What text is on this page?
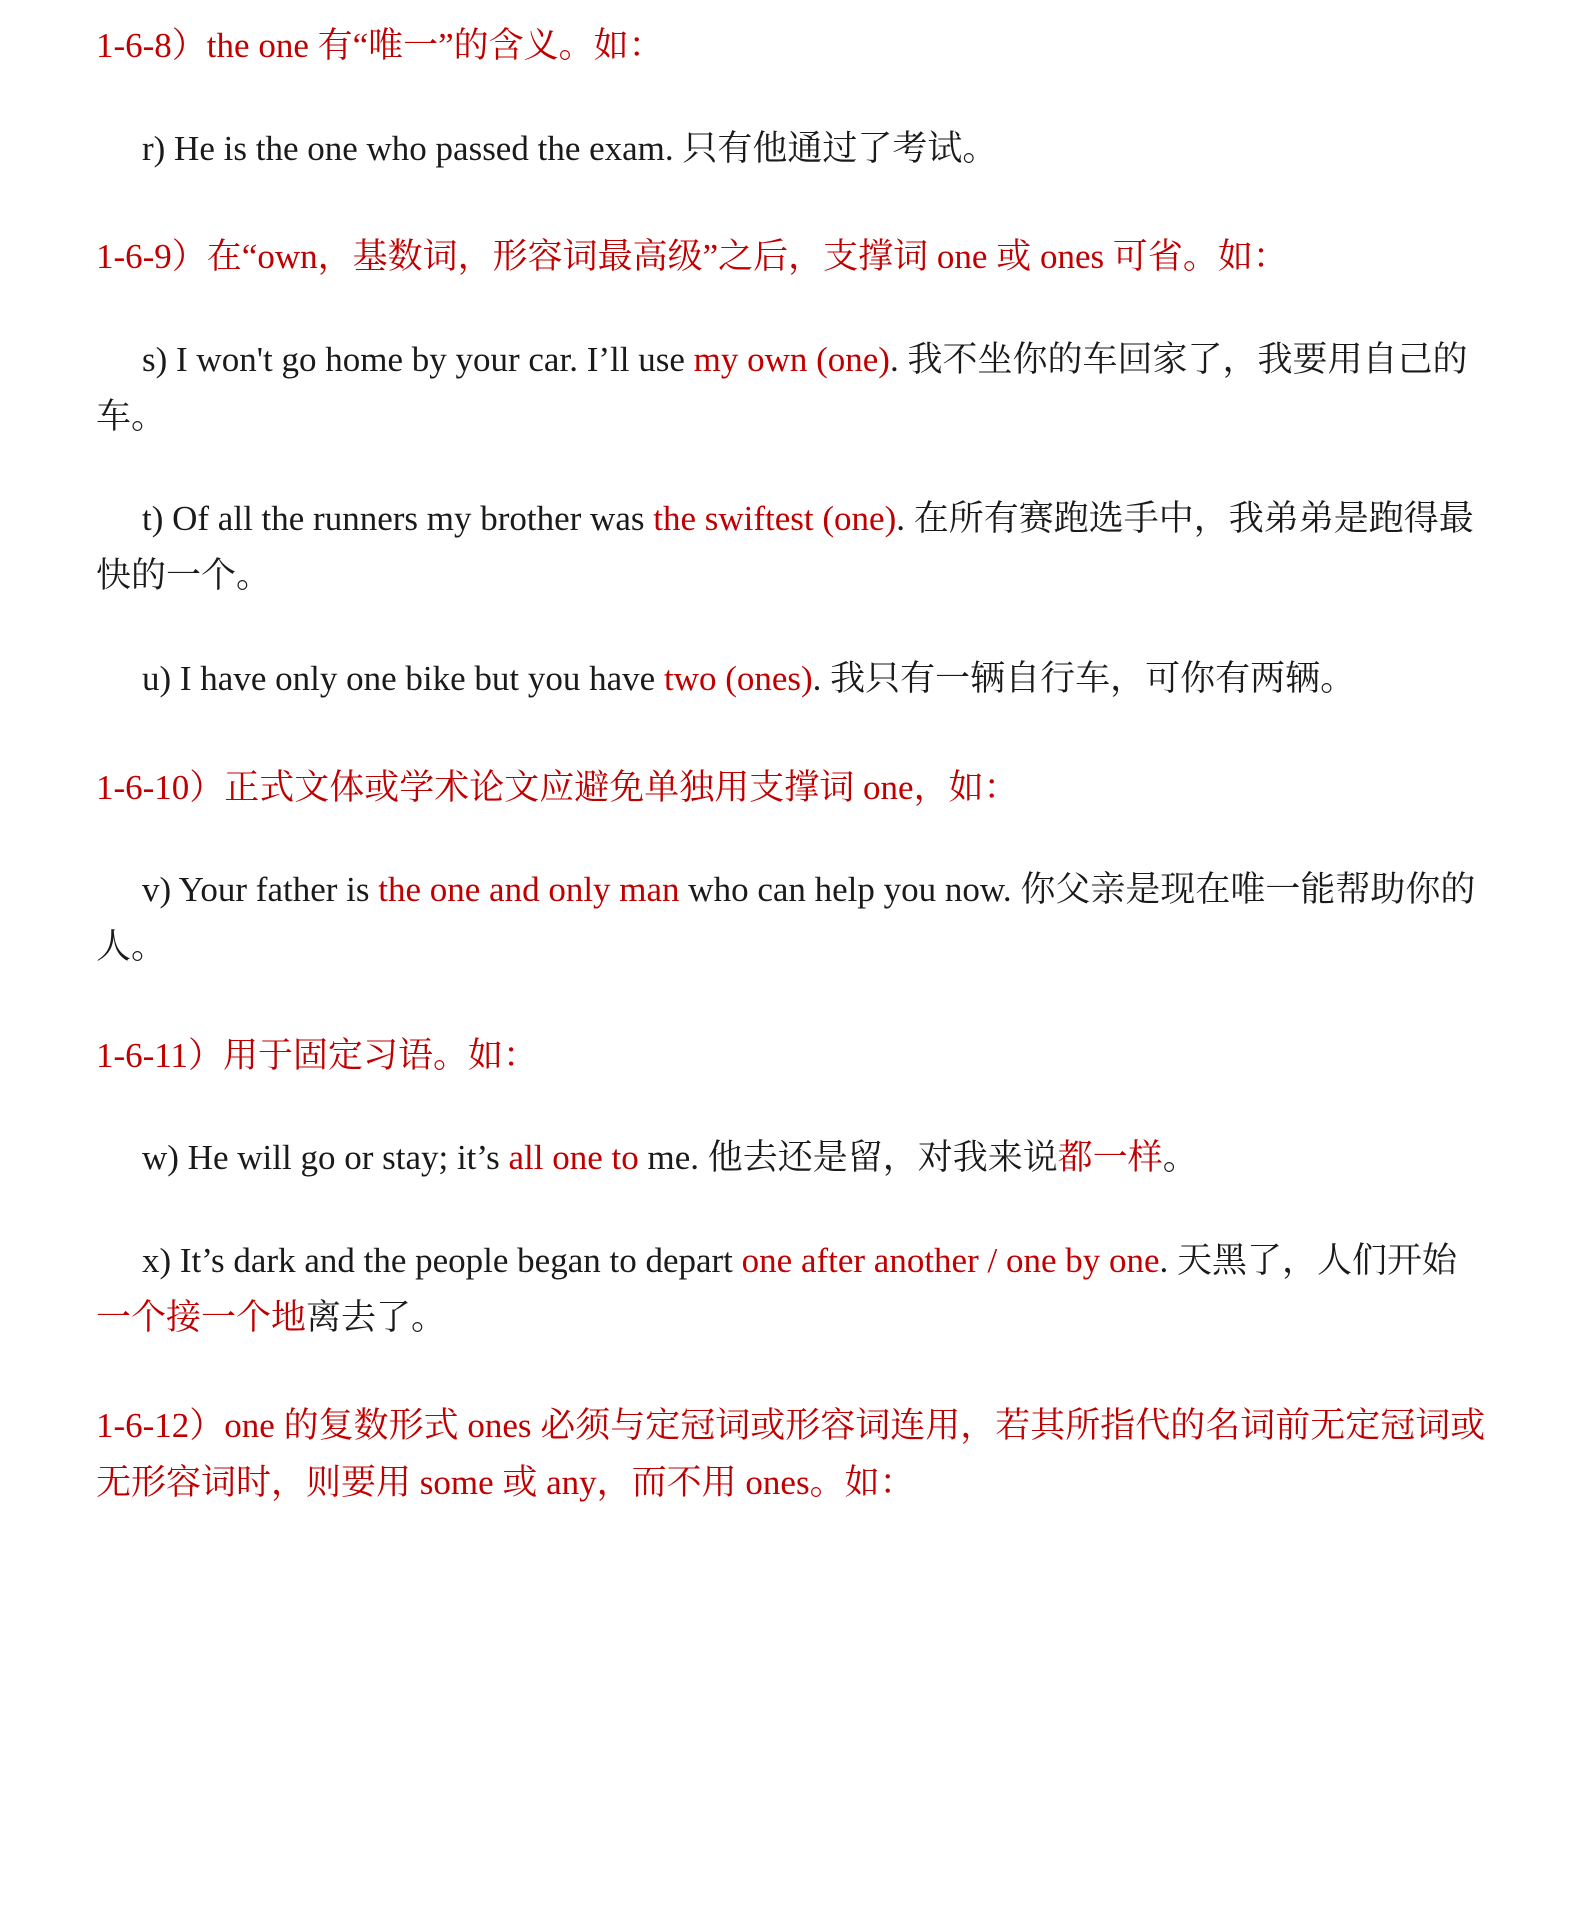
1-6-8）the one 有“唯一”的含义。如：

r) He is the one who passed the exam. 只有他通过了考试。

1-6-9）在“own，基数词，形容词最高级”之后，支撑词 one 或 ones 可省。如：

s) I won't go home by your car. I’ll use my own (one). 我不坐你的车回家了，我要用自己的车。

t) Of all the runners my brother was the swiftest (one). 在所有赛跑选手中，我弟弟是跑得最快的一个。

u) I have only one bike but you have two (ones). 我只有一辆自行车，可你有两辆。

1-6-10）正式文体或学术论文应避免单独用支撑词 one，如：

v) Your father is the one and only man who can help you now. 你父亲是现在唯一能帮助你的人。

1-6-11）用于固定习语。如：

w) He will go or stay; it’s all one to me. 他去还是留，对我来说都一样。

x) It’s dark and the people began to depart one after another / one by one. 天黑了，人们开始一个接一个地离去了。

1-6-12）one 的复数形式 ones 必须与定冠词或形容词连用，若其所指代的名词前无定冠词或无形容词时，则要用 some 或 any，而不用 ones。如：
